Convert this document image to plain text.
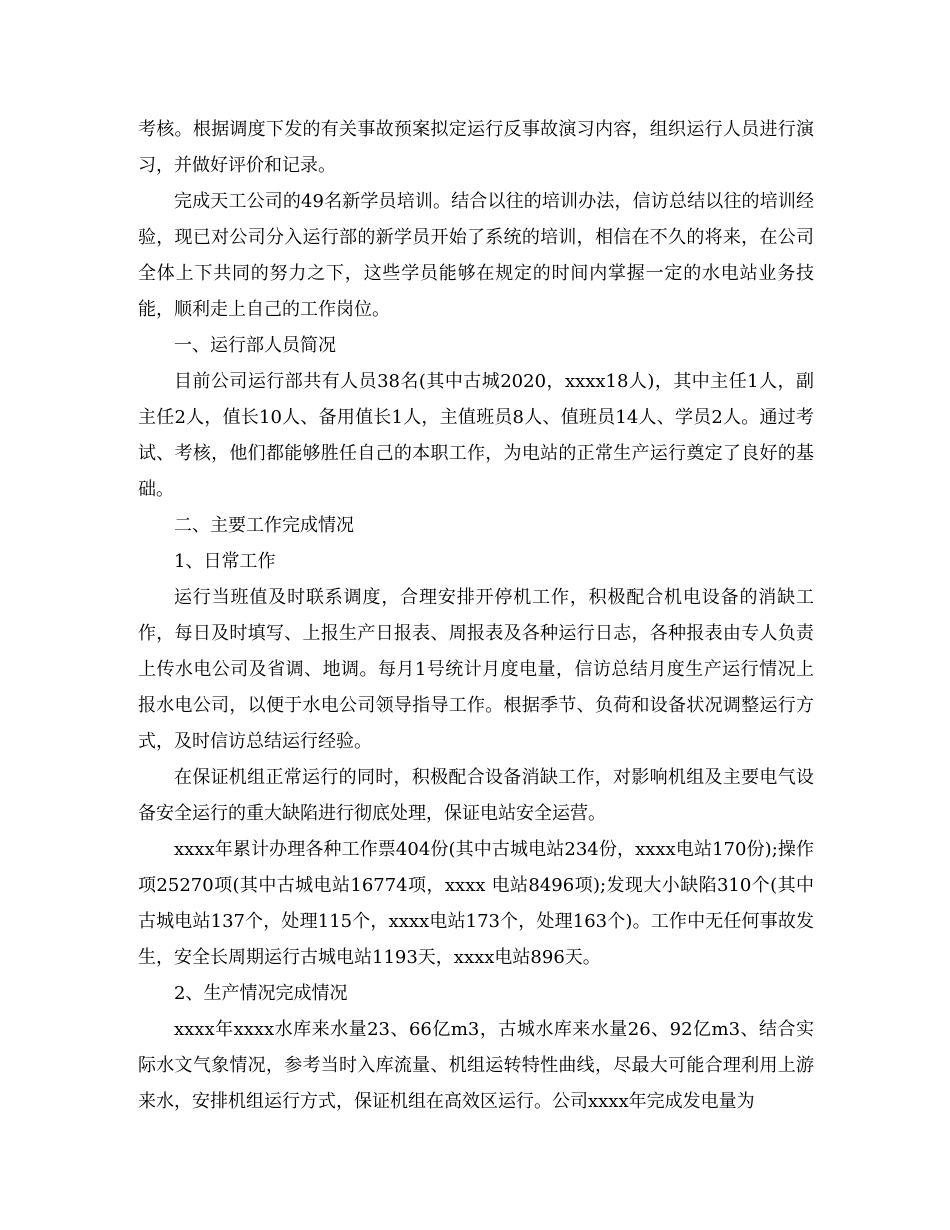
考核。根据调度下发的有关事故预案拟定运行反事故演习内容，组织运行人员进行演习，并做好评价和记录。

完成天工公司的49名新学员培训。结合以往的培训办法，信访总结以往的培训经验，现已对公司分入运行部的新学员开始了系统的培训，相信在不久的将来，在公司全体上下共同的努力之下，这些学员能够在规定的时间内掌握一定的水电站业务技能，顺利走上自己的工作岗位。

一、运行部人员简况

目前公司运行部共有人员38名(其中古城2020，xxxx18人)，其中主任1人，副主任2人，值长10人、备用值长1人，主值班员8人、值班员14人、学员2人。通过考试、考核，他们都能够胜任自己的本职工作，为电站的正常生产运行奠定了良好的基础。

二、主要工作完成情况

1、日常工作

运行当班值及时联系调度，合理安排开停机工作，积极配合机电设备的消缺工作，每日及时填写、上报生产日报表、周报表及各种运行日志，各种报表由专人负责上传水电公司及省调、地调。每月1号统计月度电量，信访总结月度生产运行情况上报水电公司，以便于水电公司领导指导工作。根据季节、负荷和设备状况调整运行方式，及时信访总结运行经验。

在保证机组正常运行的同时，积极配合设备消缺工作，对影响机组及主要电气设备安全运行的重大缺陷进行彻底处理，保证电站安全运营。

xxxx年累计办理各种工作票404份(其中古城电站234份，xxxx电站170份);操作项25270项(其中古城电站16774项，xxxx 电站8496项);发现大小缺陷310个(其中古城电站137个，处理115个，xxxx电站173个，处理163个)。工作中无任何事故发生，安全长周期运行古城电站1193天，xxxx电站896天。

2、生产情况完成情况

xxxx年xxxx水库来水量23、66亿m3，古城水库来水量26、92亿m3、结合实际水文气象情况，参考当时入库流量、机组运转特性曲线，尽最大可能合理利用上游来水，安排机组运行方式，保证机组在高效区运行。公司xxxx年完成发电量为
